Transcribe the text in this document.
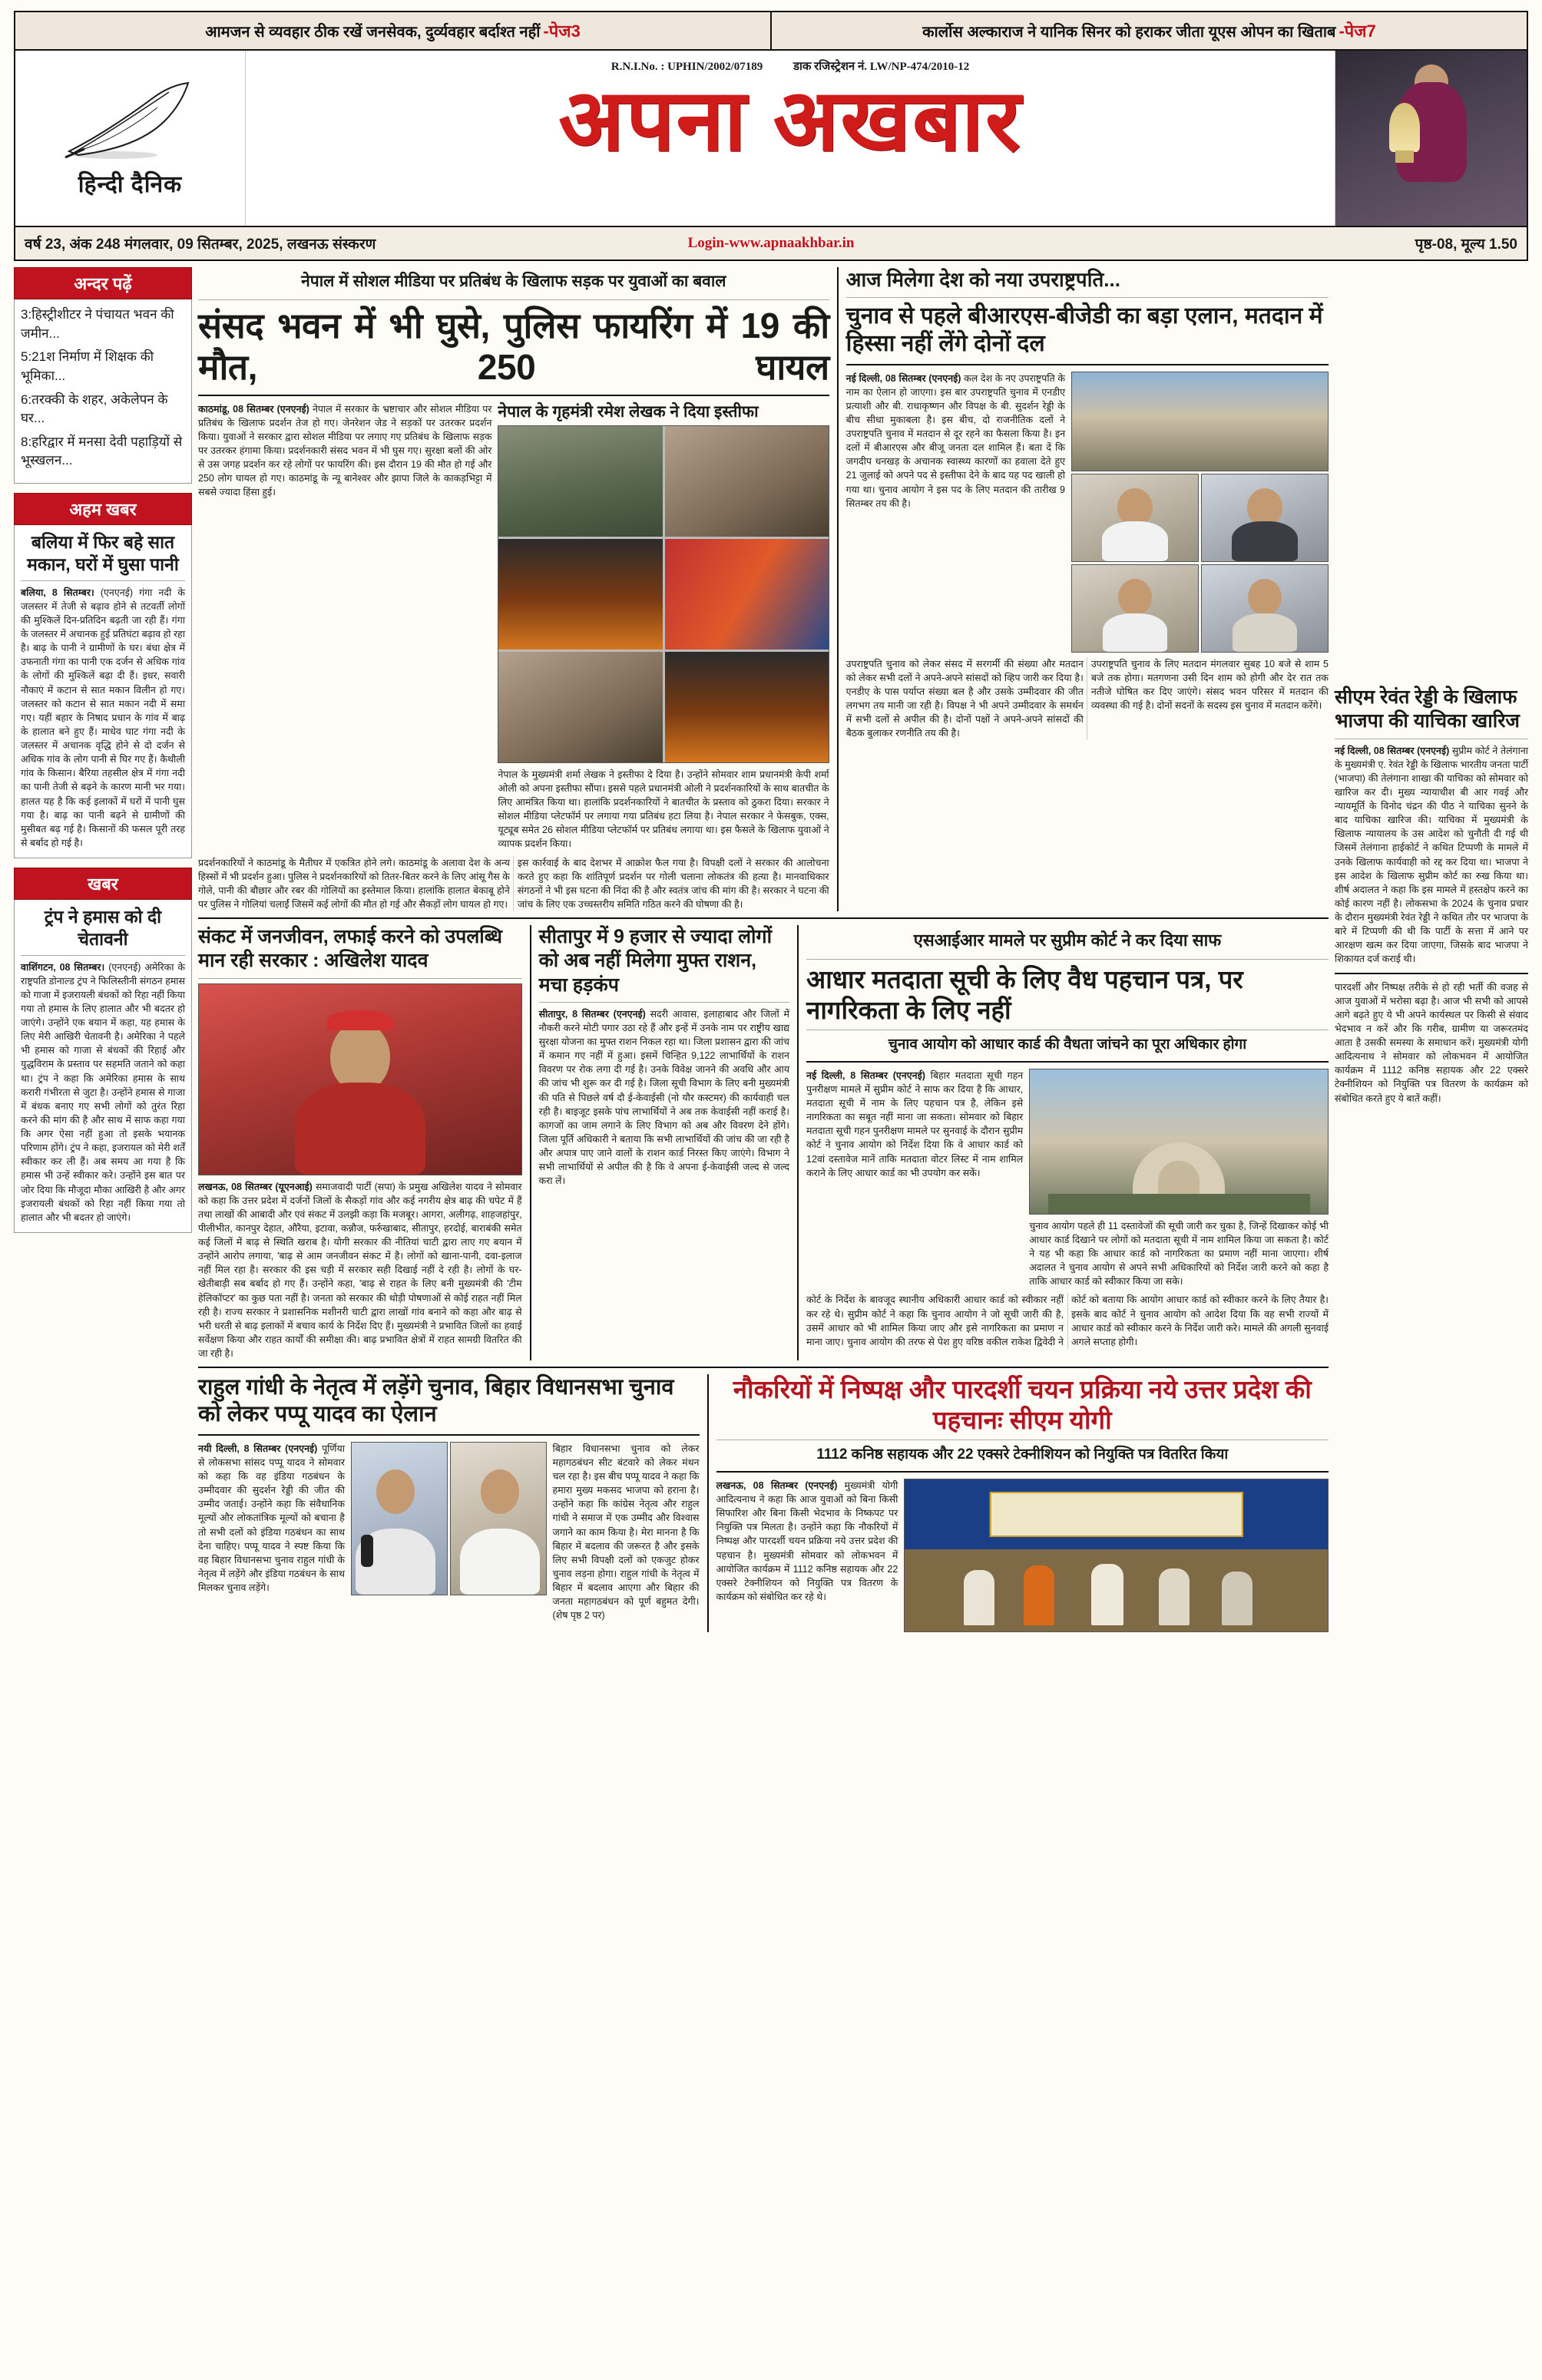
आमजन से व्यवहार ठीक रखें जनसेवक, दुर्व्यवहार बर्दाश्त नहीं -पेज3	कार्लोस अल्काराज ने यानिक सिनर को हराकर जीता यूएस ओपन का खिताब -पेज7
हिन्दी दैनिक
R.N.I.No. : UPHIN/2002/07189	डाक रजिस्ट्रेशन नं. LW/NP-474/2010-12
अपना अखबार
वर्ष 23, अंक 248 मंगलवार, 09 सितम्बर, 2025, लखनऊ संस्करण	Login-www.apnaakhbar.in	पृष्ठ-08, मूल्य 1.50
अन्दर पढ़ें
3:हिस्ट्रीशीटर ने पंचायत भवन की जमीन...
5:21श निर्माण में शिक्षक की भूमिका...
6:तरक्की के शहर, अकेलेपन के घर...
8:हरिद्वार में मनसा देवी पहाड़ियों से भूस्खलन...
अहम खबर
बलिया में फिर बहे सात मकान, घरों में घुसा पानी
बलिया, 8 सितम्बर। (एनएनई) गंगा नदी के जलस्तर में तेजी से बढ़ाव होने से तटवर्ती लोगों की मुश्किलें दिन-प्रतिदिन बढ़ती जा रही हैं। गंगा के जलस्तर में अचानक हुई प्रतिघंटा बढ़ाव हो रहा है। बाढ़ के पानी ने ग्रामीणों के घर। बंधा क्षेत्र में उफनाती गंगा का पानी एक दर्जन से अधिक गांव के लोगों की मुश्किलें बढ़ा दी हैं। इधर, सवारी नौकाएं में कटान से सात मकान विलीन हो गए। जलस्तर को कटान से सात मकान नदी में समा गए। यहीं बहार के निषाद प्रधान के गांव में बाढ़ के हालात बने हुए हैं। माधेव घाट गंगा नदी के जलस्तर में अचानक वृद्धि होने से दो दर्जन से अधिक गांव के लोग पानी से घिर गए हैं। कैथौली गांव के किसान। बैरिया तहसील क्षेत्र में गंगा नदी का पानी तेजी से बढ़ने के कारण मानी भर गया। हालत यह है कि कई इलाकों में घरों में पानी घुस गया है। बाढ़ का पानी बढ़ने से ग्रामीणों की मुसीबत बढ़ गई है। किसानों की फसल पूरी तरह से बर्बाद हो गई है।
खबर
ट्रंप ने हमास को दी चेतावनी
वाशिंगटन, 08 सितम्बर। (एनएनई) अमेरिका के राष्ट्रपति डोनाल्ड ट्रंप ने फिलिस्तीनी संगठन हमास को गाजा में इजरायली बंधकों को रिहा नहीं किया गया तो हमास के लिए हालात और भी बदतर हो जाएंगे। उन्होंने एक बयान में कहा, यह हमास के लिए मेरी आखिरी चेतावनी है। अमेरिका ने पहले भी हमास को गाजा से बंधकों की रिहाई और युद्धविराम के प्रस्ताव पर सहमति जताने को कहा था। ट्रंप ने कहा कि अमेरिका हमास के साथ करारी गंभीरता से जुटा है। उन्होंने हमास से गाजा में बंधक बनाए गए सभी लोगों को तुरंत रिहा करने की मांग की है और साथ में साफ कहा गया कि अगर ऐसा नहीं हुआ तो इसके भयानक परिणाम होंगे। ट्रंप ने कहा, इजरायल को मेरी शर्तें स्वीकार कर ली हैं। अब समय आ गया है कि हमास भी उन्हें स्वीकार करे। उन्होंने इस बात पर जोर दिया कि मौजूदा मौका आखिरी है और अगर इजरायली बंधकों को रिहा नहीं किया गया तो हालात और भी बदतर हो जाएंगे।
नेपाल में सोशल मीडिया पर प्रतिबंध के खिलाफ सड़क पर युवाओं का बवाल
संसद भवन में भी घुसे, पुलिस फायरिंग में 19 की मौत, 250 घायल
काठमांडू, 08 सितम्बर (एनएनई) नेपाल में सरकार के भ्रष्टाचार और सोशल मीडिया पर प्रतिबंध के खिलाफ प्रदर्शन तेज हो गए। जेनरेशन जेड ने सड़कों पर उतरकर प्रदर्शन किया। युवाओं ने सरकार द्वारा सोशल मीडिया पर लगाए गए प्रतिबंध के खिलाफ सड़क पर उतरकर हंगामा किया। प्रदर्शनकारी संसद भवन में भी घुस गए। सुरक्षा बलों की ओर से उस जगह प्रदर्शन कर रहे लोगों पर फायरिंग की। इस दौरान 19 की मौत हो गई और 250 लोग घायल हो गए। काठमांडू के न्यू बानेश्वर और झापा जिले के काकड़भिट्टा में सबसे ज्यादा हिंसा हुई।
नेपाल के गृहमंत्री रमेश लेखक ने दिया इस्तीफा
नेपाल के मुख्यमंत्री शर्मा लेखक ने इस्तीफा दे दिया है। उन्होंने सोमवार शाम प्रधानमंत्री केपी शर्मा ओली को अपना इस्तीफा सौंपा। इससे पहले प्रधानमंत्री ओली ने प्रदर्शनकारियों के साथ बातचीत के लिए आमंत्रित किया था। हालांकि प्रदर्शनकारियों ने बातचीत के प्रस्ताव को ठुकरा दिया। सरकार ने सोशल मीडिया प्लेटफॉर्म पर लगाया गया प्रतिबंध हटा लिया है। नेपाल सरकार ने फेसबुक, एक्स, यूट्यूब समेत 26 सोशल मीडिया प्लेटफॉर्म पर प्रतिबंध लगाया था। इस फैसले के खिलाफ युवाओं ने व्यापक प्रदर्शन किया।
प्रदर्शनकारियों ने काठमांडू के मैतीघर में एकत्रित होने लगे। काठमांडू के अलावा देश के अन्य हिस्सों में भी प्रदर्शन हुआ। पुलिस ने प्रदर्शनकारियों को तितर-बितर करने के लिए आंसू गैस के गोले, पानी की बौछार और रबर की गोलियों का इस्तेमाल किया। हालांकि हालात बेकाबू होने पर पुलिस ने गोलियां चलाईं जिसमें कई लोगों की मौत हो गई और सैकड़ों लोग घायल हो गए।
इस कार्रवाई के बाद देशभर में आक्रोश फैल गया है। विपक्षी दलों ने सरकार की आलोचना करते हुए कहा कि शांतिपूर्ण प्रदर्शन पर गोली चलाना लोकतंत्र की हत्या है। मानवाधिकार संगठनों ने भी इस घटना की निंदा की है और स्वतंत्र जांच की मांग की है। सरकार ने घटना की जांच के लिए एक उच्चस्तरीय समिति गठित करने की घोषणा की है।
आज मिलेगा देश को नया उपराष्ट्रपति...
चुनाव से पहले बीआरएस-बीजेडी का बड़ा एलान, मतदान में हिस्सा नहीं लेंगे दोनों दल
नई दिल्ली, 08 सितम्बर (एनएनई) कल देश के नए उपराष्ट्रपति के नाम का ऐलान हो जाएगा। इस बार उपराष्ट्रपति चुनाव में एनडीए प्रत्याशी और बी. राधाकृष्णन और विपक्ष के बी. सुदर्शन रेड्डी के बीच सीधा मुकाबला है। इस बीच, दो राजनीतिक दलों ने उपराष्ट्रपति चुनाव में मतदान से दूर रहने का फैसला किया है। इन दलों में बीआरएस और बीजू जनता दल शामिल हैं। बता दें कि जगदीप धनखड़ के अचानक स्वास्थ्य कारणों का हवाला देते हुए 21 जुलाई को अपने पद से इस्तीफा देने के बाद यह पद खाली हो गया था। चुनाव आयोग ने इस पद के लिए मतदान की तारीख 9 सितम्बर तय की है।
उपराष्ट्रपति चुनाव को लेकर संसद में सरगर्मी की संख्या और मतदान को लेकर सभी दलों ने अपने-अपने सांसदों को व्हिप जारी कर दिया है। एनडीए के पास पर्याप्त संख्या बल है और उसके उम्मीदवार की जीत लगभग तय मानी जा रही है। विपक्ष ने भी अपने उम्मीदवार के समर्थन में सभी दलों से अपील की है। दोनों पक्षों ने अपने-अपने सांसदों की बैठक बुलाकर रणनीति तय की है।
उपराष्ट्रपति चुनाव के लिए मतदान मंगलवार सुबह 10 बजे से शाम 5 बजे तक होगा। मतगणना उसी दिन शाम को होगी और देर रात तक नतीजे घोषित कर दिए जाएंगे। संसद भवन परिसर में मतदान की व्यवस्था की गई है। दोनों सदनों के सदस्य इस चुनाव में मतदान करेंगे।
संकट में जनजीवन, लफाई करने को उपलब्धि मान रही सरकार : अखिलेश यादव
लखनऊ, 08 सितम्बर (यूएनआई) समाजवादी पार्टी (सपा) के प्रमुख अखिलेश यादव ने सोमवार को कहा कि उत्तर प्रदेश में दर्जनों जिलों के सैकड़ों गांव और कई नगरीय क्षेत्र बाढ़ की चपेट में हैं तथा लाखों की आबादी और एवं संकट में उलझी कड़ा कि मजबूर। आगरा, अलीगढ़, शाहजहांपुर, पीलीभीत, कानपुर देहात, औरैया, इटावा, कन्नौज, फर्रुखाबाद, सीतापुर, हरदोई, बाराबंकी समेत कई जिलों में बाढ़ से स्थिति खराब है। योगी सरकार की नीतियां चाटी द्वारा लाए गए बयान में उन्होंने आरोप लगाया, 'बाढ़ से आम जनजीवन संकट में है। लोगों को खाना-पानी, दवा-इलाज नहीं मिल रहा है। सरकार की इस चड़ी में सरकार सही दिखाई नहीं दे रही है। लोगों के घर-खेतीबाड़ी सब बर्बाद हो गए हैं। उन्होंने कहा, 'बाढ़ से राहत के लिए बनी मुख्यमंत्री की 'टीम हेलिकॉप्टर' का कुछ पता नहीं है। जनता को सरकार की थोड़ी पोषणाओं से कोई राहत नहीं मिल रही है। राज्य सरकार ने प्रशासनिक मशीनरी चाटी द्वारा लाखों गांव बनाने को कहा और बाढ़ से भरी धरती से बाढ़ इलाकों में बचाव कार्य के निर्देश दिए हैं। मुख्यमंत्री ने प्रभावित जिलों का हवाई सर्वेक्षण किया और राहत कार्यों की समीक्षा की। बाढ़ प्रभावित क्षेत्रों में राहत सामग्री वितरित की जा रही है।
सीतापुर में 9 हजार से ज्यादा लोगों को अब नहीं मिलेगा मुफ्त राशन, मचा हड़कंप
सीतापुर, 8 सितम्बर (एनएनई) सदरी आवास, इलाहाबाद और जिलों में नौकरी करने मोटी पगार उठा रहे हैं और इन्हें में उनके नाम पर राष्ट्रीय खाद्य सुरक्षा योजना का मुफ्त राशन निकल रहा था। जिला प्रशासन द्वारा की जांच में कमान गए नहीं में हुआ। इसमें चिन्हित 9,122 लाभार्थियों के राशन विवरण पर रोक लगा दी गई है। उनके विवेक्ष जानने की अवधि और आय की जांच भी शुरू कर दी गई है। जिला सूची विभाग के लिए बनी मुख्यमंत्री की पति से पिछले वर्ष दौ ई-केवाईसी (नो यौर कस्टमर) की कार्यवाही चल रही है। बाइजूट इसके पांच लाभार्थियों ने अब तक केवाईसी नहीं कराई है। कागजों का जाम लगाने के लिए विभाग को अब और विवरण देने होंगे। जिला पूर्ति अधिकारी ने बताया कि सभी लाभार्थियों की जांच की जा रही है और अपात्र पाए जाने वालों के राशन कार्ड निरस्त किए जाएंगे। विभाग ने सभी लाभार्थियों से अपील की है कि वे अपना ई-केवाईसी जल्द से जल्द करा लें।
एसआईआर मामले पर सुप्रीम कोर्ट ने कर दिया साफ
आधार मतदाता सूची के लिए वैध पहचान पत्र, पर नागरिकता के लिए नहीं
चुनाव आयोग को आधार कार्ड की वैधता जांचने का पूरा अधिकार होगा
नई दिल्ली, 8 सितम्बर (एनएनई) बिहार मतदाता सूची गहन पुनरीक्षण मामले में सुप्रीम कोर्ट ने साफ कर दिया है कि आधार, मतदाता सूची में नाम के लिए पहचान पत्र है, लेकिन इसे नागरिकता का सबूत नहीं माना जा सकता। सोमवार को बिहार मतदाता सूची गहन पुनरीक्षण मामले पर सुनवाई के दौरान सुप्रीम कोर्ट ने चुनाव आयोग को निर्देश दिया कि वे आधार कार्ड को 12वां दस्तावेज मानें ताकि मतदाता वोटर लिस्ट में नाम शामिल कराने के लिए आधार कार्ड का भी उपयोग कर सकें।
चुनाव आयोग पहले ही 11 दस्तावेजों की सूची जारी कर चुका है, जिन्हें दिखाकर कोई भी आधार कार्ड दिखाने पर लोगों को मतदाता सूची में नाम शामिल किया जा सकता है। कोर्ट ने यह भी कहा कि आधार कार्ड को नागरिकता का प्रमाण नहीं माना जाएगा। शीर्ष अदालत ने चुनाव आयोग से अपने सभी अधिकारियों को निर्देश जारी करने को कहा है ताकि आधार कार्ड को स्वीकार किया जा सके।
कोर्ट के निर्देश के बावजूद स्थानीय अधिकारी आधार कार्ड को स्वीकार नहीं कर रहे थे। सुप्रीम कोर्ट ने कहा कि चुनाव आयोग ने जो सूची जारी की है, उसमें आधार को भी शामिल किया जाए और इसे नागरिकता का प्रमाण न माना जाए। चुनाव आयोग की तरफ से पेश हुए वरिष्ठ वकील राकेश द्विवेदी ने कोर्ट को बताया कि आयोग आधार कार्ड को स्वीकार करने के लिए तैयार है। इसके बाद कोर्ट ने चुनाव आयोग को आदेश दिया कि वह सभी राज्यों में आधार कार्ड को स्वीकार करने के निर्देश जारी करे। मामले की अगली सुनवाई अगले सप्ताह होगी।
राहुल गांधी के नेतृत्व में लड़ेंगे चुनाव, बिहार विधानसभा चुनाव को लेकर पप्पू यादव का ऐलान
नयी दिल्ली, 8 सितम्बर (एनएनई) पूर्णिया से लोकसभा सांसद पप्पू यादव ने सोमवार को कहा कि वह इंडिया गठबंधन के उम्मीदवार की सुदर्शन रेड्डी की जीत की उम्मीद जताई। उन्होंने कहा कि संवैधानिक मूल्यों और लोकतांत्रिक मूल्यों को बचाना है तो सभी दलों को इंडिया गठबंधन का साथ देना चाहिए। पप्पू यादव ने स्पष्ट किया कि वह बिहार विधानसभा चुनाव राहुल गांधी के नेतृत्व में लड़ेंगे और इंडिया गठबंधन के साथ मिलकर चुनाव लड़ेंगे।
बिहार विधानसभा चुनाव को लेकर महागठबंधन सीट बंटवारे को लेकर मंथन चल रहा है। इस बीच पप्पू यादव ने कहा कि हमारा मुख्य मकसद भाजपा को हराना है। उन्होंने कहा कि कांग्रेस नेतृत्व और राहुल गांधी ने समाज में एक उम्मीद और विश्वास जगाने का काम किया है। मेरा मानना है कि बिहार में बदलाव की जरूरत है और इसके लिए सभी विपक्षी दलों को एकजुट होकर चुनाव लड़ना होगा। राहुल गांधी के नेतृत्व में बिहार में बदलाव आएगा और बिहार की जनता महागठबंधन को पूर्ण बहुमत देगी। (शेष पृष्ठ 2 पर)
नौकरियों में निष्पक्ष और पारदर्शी चयन प्रक्रिया नये उत्तर प्रदेश की पहचानः सीएम योगी
1112 कनिष्ठ सहायक और 22 एक्सरे टेक्नीशियन को नियुक्ति पत्र वितरित किया
लखनऊ, 08 सितम्बर (एनएनई) मुख्यमंत्री योगी आदित्यनाथ ने कहा कि आज युवाओं को बिना किसी सिफारिश और बिना किसी भेदभाव के निष्कपट पर नियुक्ति पत्र मिलता है। उन्होंने कहा कि नौकरियों में निष्पक्ष और पारदर्शी चयन प्रक्रिया नये उत्तर प्रदेश की पहचान है। मुख्यमंत्री सोमवार को लोकभवन में आयोजित कार्यक्रम में 1112 कनिष्ठ सहायक और 22 एक्सरे टेक्नीशियन को नियुक्ति पत्र वितरण के कार्यक्रम को संबोधित कर रहे थे।
सीएम रेवंत रेड्डी के खिलाफ भाजपा की याचिका खारिज
नई दिल्ली, 08 सितम्बर (एनएनई) सुप्रीम कोर्ट ने तेलंगाना के मुख्यमंत्री ए. रेवंत रेड्डी के खिलाफ भारतीय जनता पार्टी (भाजपा) की तेलंगाना शाखा की याचिका को सोमवार को खारिज कर दी। मुख्य न्यायाधीश बी आर गवई और न्यायमूर्ति के विनोद चंद्रन की पीठ ने याचिका सुनने के बाद याचिका खारिज की। याचिका में मुख्यमंत्री के खिलाफ न्यायालय के उस आदेश को चुनौती दी गई थी जिसमें तेलंगाना हाईकोर्ट ने कथित टिप्पणी के मामले में उनके खिलाफ कार्यवाही को रद्द कर दिया था। भाजपा ने इस आदेश के खिलाफ सुप्रीम कोर्ट का रुख किया था। शीर्ष अदालत ने कहा कि इस मामले में हस्तक्षेप करने का कोई कारण नहीं है। लोकसभा के 2024 के चुनाव प्रचार के दौरान मुख्यमंत्री रेवंत रेड्डी ने कथित तौर पर भाजपा के बारे में टिप्पणी की थी कि पार्टी के सत्ता में आने पर आरक्षण खत्म कर दिया जाएगा, जिसके बाद भाजपा ने शिकायत दर्ज कराई थी।
पारदर्शी और निष्पक्ष तरीके से हो रही भर्ती की वजह से आज युवाओं में भरोसा बढ़ा है। आज भी सभी को आपसे आगे बढ़ते हुए ये भी अपने कार्यस्थल पर किसी से संवाद भेदभाव न करें और कि गरीब, ग्रामीण या जरूरतमंद आता है उसकी समस्या के समाधान करें। मुख्यमंत्री योगी आदित्यनाथ ने सोमवार को लोकभवन में आयोजित कार्यक्रम में 1112 कनिष्ठ सहायक और 22 एक्सरे टेक्नीशियन को नियुक्ति पत्र वितरण के कार्यक्रम को संबोधित करते हुए ये बातें कहीं।
